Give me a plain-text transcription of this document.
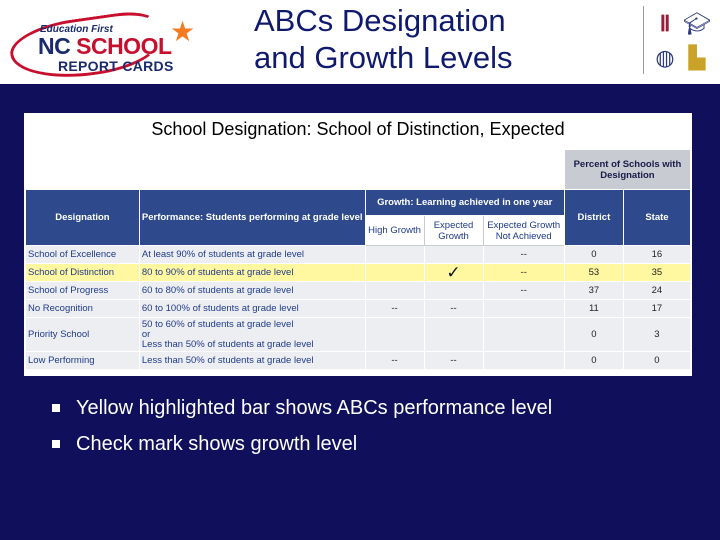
Education First
NC SCHOOL
REPORT CARDS
★ ABCs Designation
and Growth Levels
Ⅱ 🎓︎
◍ ▙
School Designation: School of Distinction, Expected
					Percent of Schools with Designation	
Designation	Performance: Students performing at grade level	Growth: Learning achieved in one year			District	State
		High Growth	Expected Growth	Expected Growth Not Achieved		
School of Excellence	At least 90% of students at grade level			--	0	16
School of Distinction	80 to 90% of students at grade level		✓	--	53	35
School of Progress	60 to 80% of students at grade level			--	37	24
No Recognition	60 to 100% of students at grade level	--	--		11	17
Priority School	50 to 60% of students at grade level
or
Less than 50% of students at grade level				0	3
Low Performing	Less than 50% of students at grade level	--	--		0	0
Yellow highlighted bar shows ABCs performance level
Check mark shows growth level
